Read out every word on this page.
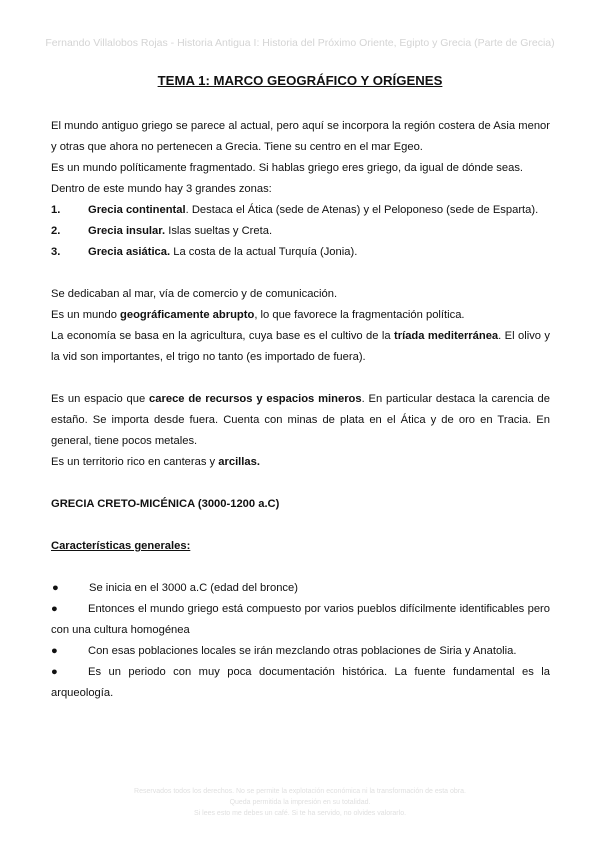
Fernando Villalobos Rojas - Historia Antigua I: Historia del Próximo Oriente, Egipto y Grecia (Parte de Grecia)
TEMA 1: MARCO GEOGRÁFICO Y ORÍGENES

El mundo antiguo griego se parece al actual, pero aquí se incorpora la región costera de Asia menor y otras que ahora no pertenecen a Grecia. Tiene su centro en el mar Egeo.

Es un mundo políticamente fragmentado. Si hablas griego eres griego, da igual de dónde seas.

Dentro de este mundo hay 3 grandes zonas:

1.	Grecia continental. Destaca el Ática (sede de Atenas) y el Peloponeso (sede de Esparta).
2.	Grecia insular. Islas sueltas y Creta.
3.	Grecia asiática. La costa de la actual Turquía (Jonia).

Se dedicaban al mar, vía de comercio y de comunicación.

Es un mundo geográficamente abrupto, lo que favorece la fragmentación política.

La economía se basa en la agricultura, cuya base es el cultivo de la tríada mediterránea. El olivo y la vid son importantes, el trigo no tanto (es importado de fuera).

Es un espacio que carece de recursos y espacios mineros. En particular destaca la carencia de estaño. Se importa desde fuera. Cuenta con minas de plata en el Ática y de oro en Tracia. En general, tiene pocos metales.

Es un territorio rico en canteras y arcillas.

GRECIA CRETO-MICÉNICA (3000-1200 a.C)

Características generales:

●	Se inicia en el 3000 a.C (edad del bronce)

●	Entonces el mundo griego está compuesto por varios pueblos difícilmente identificables pero con una cultura homogénea

●	Con esas poblaciones locales se irán mezclando otras poblaciones de Siria y Anatolia.

●	Es un periodo con muy poca documentación histórica. La fuente fundamental es la arqueología.

Reservados todos los derechos. No se permite la explotación económica ni la transformación de esta obra.
Queda permitida la impresión en su totalidad.
Si lees esto me debes un café. Si te ha servido, no olvides valorarlo.
